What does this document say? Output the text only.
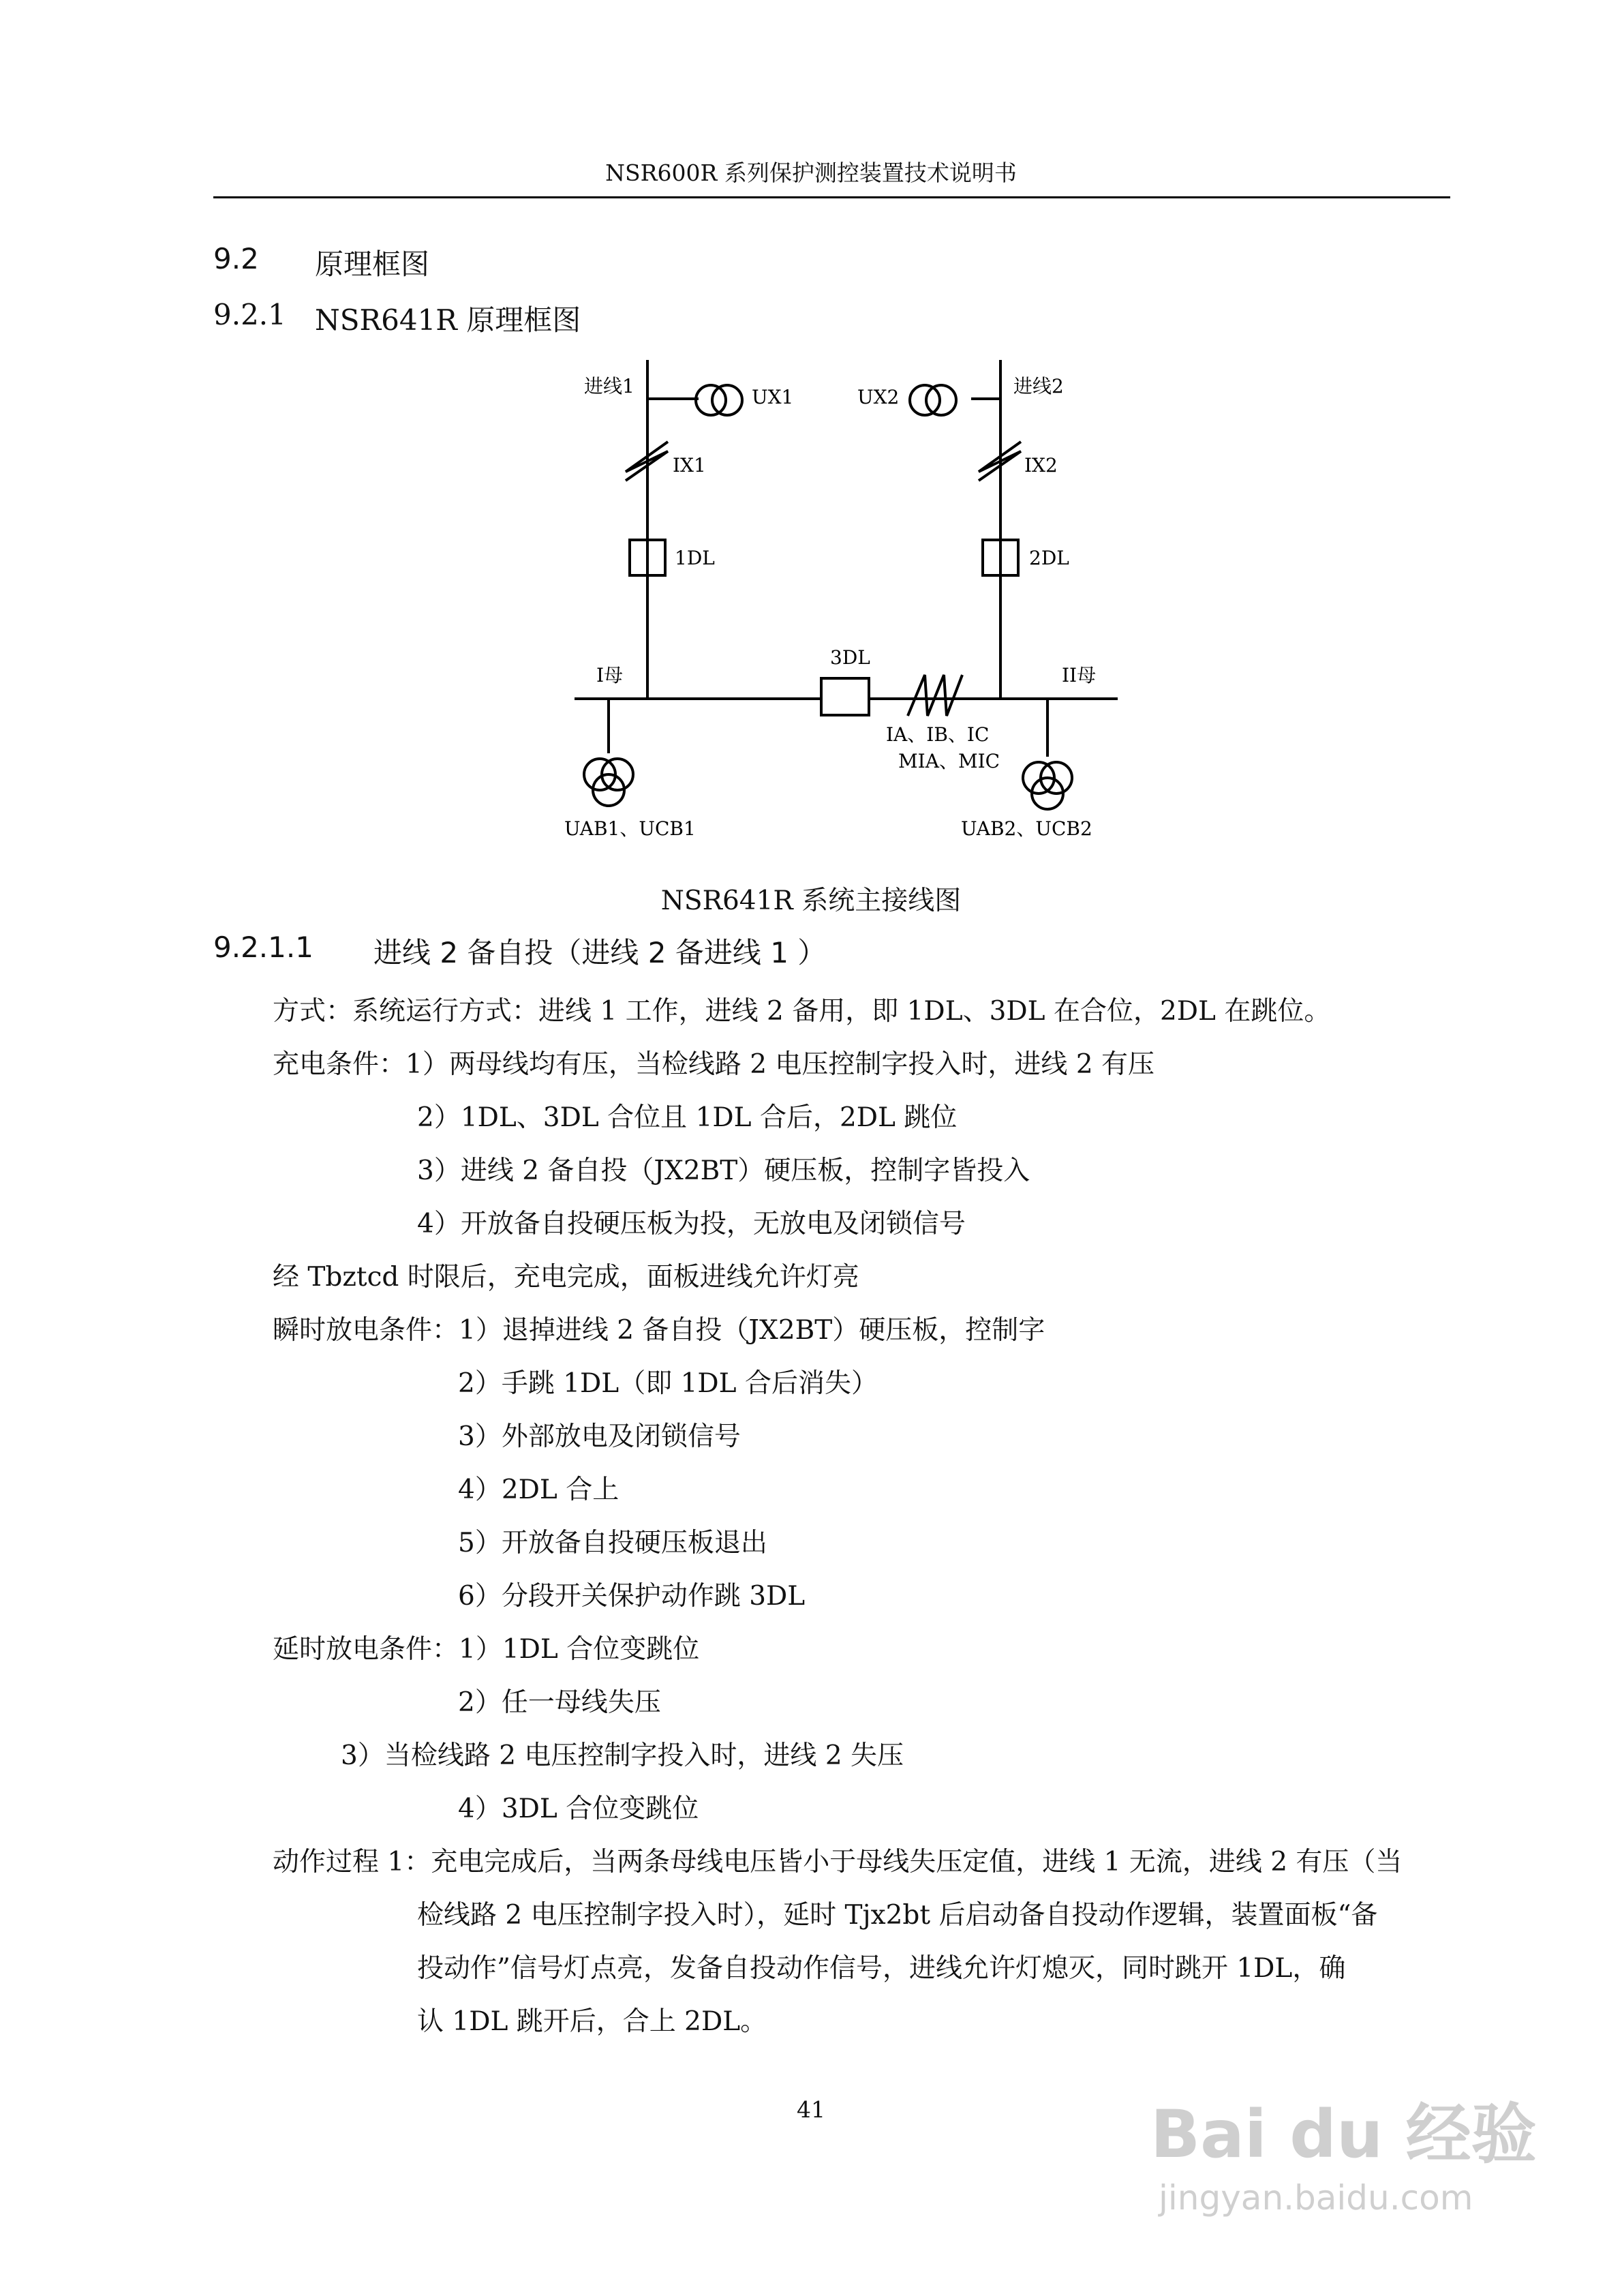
NSR600R 系列保护测控装置技术说明书
9.2 原理框图
9.2.1 NSR641R 原理框图
进线1	UX1
IX1
1DL
UX2	进线2
IX2
2DL
3DL
I母	II母
IA、IB、IC
MIA、MIC
UAB1、UCB1	UAB2、UCB2
NSR641R 系统主接线图
9.2.1.1 进线 2 备自投（进线 2 备进线 1 ）
方式：系统运行方式：进线 1 工作，进线 2 备用，即 1DL、3DL 在合位，2DL 在跳位。
充电条件：1）两母线均有压，当检线路 2 电压控制字投入时，进线 2 有压
2）1DL、3DL 合位且 1DL 合后，2DL 跳位
3）进线 2 备自投（JX2BT）硬压板，控制字皆投入
4）开放备自投硬压板为投，无放电及闭锁信号
经 Tbztcd 时限后，充电完成，面板进线允许灯亮
瞬时放电条件：1）退掉进线 2 备自投（JX2BT）硬压板，控制字
2）手跳 1DL（即 1DL 合后消失）
3）外部放电及闭锁信号
4）2DL 合上
5）开放备自投硬压板退出
6）分段开关保护动作跳 3DL
延时放电条件：1）1DL 合位变跳位
2）任一母线失压
3）当检线路 2 电压控制字投入时，进线 2 失压
4）3DL 合位变跳位
动作过程 1：充电完成后，当两条母线电压皆小于母线失压定值，进线 1 无流，进线 2 有压（当
检线路 2 电压控制字投入时），延时 Tjx2bt 后启动备自投动作逻辑，装置面板“备
投动作”信号灯点亮，发备自投动作信号，进线允许灯熄灭，同时跳开 1DL，确
认 1DL 跳开后，合上 2DL。
41	Bai du 经验
jingyan.baidu.com
